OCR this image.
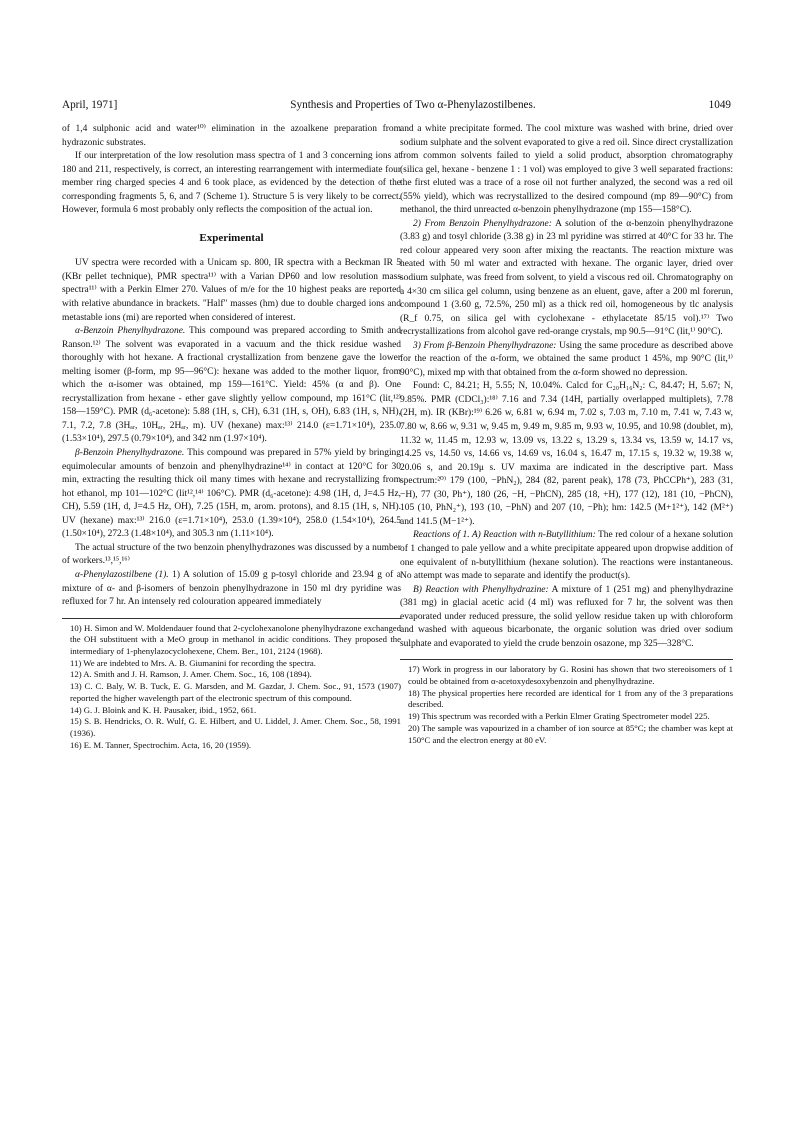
April, 1971]	Synthesis and Properties of Two α-Phenylazostilbenes.	1049

of 1,4 sulphonic acid and water¹⁰⁾ elimination in the azoalkene preparation from hydrazonic substrates.

If our interpretation of the low resolution mass spectra of 1 and 3 concerning ions at 180 and 211, respectively, is correct, an interesting rearrangement with intermediate four member ring charged species 4 and 6 took place, as evidenced by the detection of the corresponding fragments 5, 6, and 7 (Scheme 1). Structure 5 is very likely to be correct. However, formula 6 most probably only reflects the composition of the actual ion.

Experimental

UV spectra were recorded with a Unicam sp. 800, IR spectra with a Beckman IR 5 (KBr pellet technique), PMR spectra¹¹⁾ with a Varian DP60 and low resolution mass spectra¹¹⁾ with a Perkin Elmer 270. Values of m/e for the 10 highest peaks are reported with relative abundance in brackets. "Half" masses (hm) due to double charged ions and metastable ions (mi) are reported when considered of interest.

α-Benzoin Phenylhydrazone. This compound was prepared according to Smith and Ranson.¹²⁾ The solvent was evaporated in a vacuum and the thick residue washed thoroughly with hot hexane. A fractional crystallization from benzene gave the lower melting isomer (β-form, mp 95—96°C): hexane was added to the mother liquor, from which the α-isomer was obtained, mp 159—161°C. Yield: 45% (α and β). One recrystallization from hexane - ether gave slightly yellow compound, mp 161°C (lit,¹²⁾ 158—159°C). PMR (d₆-acetone): 5.88 (1H, s, CH), 6.31 (1H, s, OH), 6.83 (1H, s, NH), 7.1, 7.2, 7.8 (3Hₐᵣ, 10Hₐᵣ, 2Hₐᵣ, m). UV (hexane) max:¹³⁾ 214.0 (ε=1.71×10⁴), 235.0 (1.53×10⁴), 297.5 (0.79×10⁴), and 342 nm (1.97×10⁴).

β-Benzoin Phenylhydrazone. This compound was prepared in 57% yield by bringing equimolecular amounts of benzoin and phenylhydrazine¹⁴⁾ in contact at 120°C for 30 min, extracting the resulting thick oil many times with hexane and recrystallizing from hot ethanol, mp 101—102°C (lit¹²,¹⁴⁾ 106°C). PMR (d₆-acetone): 4.98 (1H, d, J=4.5 Hz, CH), 5.59 (1H, d, J=4.5 Hz, OH), 7.25 (15H, m, arom. protons), and 8.15 (1H, s, NH). UV (hexane) max:¹³⁾ 216.0 (ε=1.71×10⁴), 253.0 (1.39×10⁴), 258.0 (1.54×10⁴), 264.5 (1.50×10⁴), 272.3 (1.48×10⁴), and 305.3 nm (1.11×10⁴).

The actual structure of the two benzoin phenylhydrazones was discussed by a number of workers.¹³,¹⁵,¹⁶⁾

α-Phenylazostilbene (1). 1) A solution of 15.09 g p-tosyl chloride and 23.94 g of a mixture of α- and β-isomers of benzoin phenylhydrazone in 150 ml dry pyridine was refluxed for 7 hr. An intensely red colouration appeared immediately

10) H. Simon and W. Moldendauer found that 2-cyclohexanolone phenylhydrazone exchanged the OH substituent with a MeO group in methanol in acidic conditions. They proposed the intermediary of 1-phenylazocyclohexene, Chem. Ber., 101, 2124 (1968).

11) We are indebted to Mrs. A. B. Giumanini for recording the spectra.

12) A. Smith and J. H. Ramson, J. Amer. Chem. Soc., 16, 108 (1894).

13) C. C. Baly, W. B. Tuck, E. G. Marsden, and M. Gazdar, J. Chem. Soc., 91, 1573 (1907) reported the higher wavelength part of the electronic spectrum of this compound.

14) G. J. Bloink and K. H. Pausaker, ibid., 1952, 661.

15) S. B. Hendricks, O. R. Wulf, G. E. Hilbert, and U. Liddel, J. Amer. Chem. Soc., 58, 1991 (1936).

16) E. M. Tanner, Spectrochim. Acta, 16, 20 (1959).

and a white precipitate formed. The cool mixture was washed with brine, dried over sodium sulphate and the solvent evaporated to give a red oil. Since direct crystallization from common solvents failed to yield a solid product, absorption chromatography (silica gel, hexane - benzene 1 : 1 vol) was employed to give 3 well separated fractions: the first eluted was a trace of a rose oil not further analyzed, the second was a red oil (55% yield), which was recrystallized to the desired compound (mp 89—90°C) from methanol, the third unreacted α-benzoin phenylhydrazone (mp 155—158°C).

2) From Benzoin Phenylhydrazone: A solution of the α-benzoin phenylhydrazone (3.83 g) and tosyl chloride (3.38 g) in 23 ml pyridine was stirred at 40°C for 33 hr. The red colour appeared very soon after mixing the reactants. The reaction mixture was heated with 50 ml water and extracted with hexane. The organic layer, dried over sodium sulphate, was freed from solvent, to yield a viscous red oil. Chromatography on a 4×30 cm silica gel column, using benzene as an eluent, gave, after a 200 ml forerun, compound 1 (3.60 g, 72.5%, 250 ml) as a thick red oil, homogeneous by tlc analysis (R_f 0.75, on silica gel with cyclohexane - ethylacetate 85/15 vol).¹⁷⁾ Two recrystallizations from alcohol gave red-orange crystals, mp 90.5—91°C (lit,¹⁾ 90°C).

3) From β-Benzoin Phenylhydrazone: Using the same procedure as described above for the reaction of the α-form, we obtained the same product 1 45%, mp 90°C (lit,¹⁾ 90°C), mixed mp with that obtained from the α-form showed no depression.

Found: C, 84.21; H, 5.55; N, 10.04%. Calcd for C₂₀H₁₆N₂: C, 84.47; H, 5.67; N, 9.85%. PMR (CDCl₃):¹⁸⁾ 7.16 and 7.34 (14H, partially overlapped multiplets), 7.78 (2H, m). IR (KBr):¹⁹⁾ 6.26 w, 6.81 w, 6.94 m, 7.02 s, 7.03 m, 7.10 m, 7.41 w, 7.43 w, 7.80 w, 8.66 w, 9.31 w, 9.45 m, 9.49 m, 9.85 m, 9.93 w, 10.95, and 10.98 (doublet, m), 11.32 w, 11.45 m, 12.93 w, 13.09 vs, 13.22 s, 13.29 s, 13.34 vs, 13.59 w, 14.17 vs, 14.25 vs, 14.50 vs, 14.66 vs, 14.69 vs, 16.04 s, 16.47 m, 17.15 s, 19.32 w, 19.38 w, 20.06 s, and 20.19μ s. UV maxima are indicated in the descriptive part. Mass spectrum:²⁰⁾ 179 (100, −PhN₂), 284 (82, parent peak), 178 (73, PhCCPh⁺), 283 (31, −H), 77 (30, Ph⁺), 180 (26, −H, −PhCN), 285 (18, +H), 177 (12), 181 (10, −PhCN), 105 (10, PhN₂⁺), 193 (10, −PhN) and 207 (10, −Ph); hm: 142.5 (M+1²⁺), 142 (M²⁺) and 141.5 (M−1²⁺).

Reactions of 1. A) Reaction with n-Butyllithium: The red colour of a hexane solution of 1 changed to pale yellow and a white precipitate appeared upon dropwise addition of one equivalent of n-butyllithium (hexane solution). The reactions were instantaneous. No attempt was made to separate and identify the product(s).

B) Reaction with Phenylhydrazine: A mixture of 1 (251 mg) and phenylhydrazine (381 mg) in glacial acetic acid (4 ml) was refluxed for 7 hr, the solvent was then evaporated under reduced pressure, the solid yellow residue taken up with chloroform and washed with aqueous bicarbonate, the organic solution was dried over sodium sulphate and evaporated to yield the crude benzoin osazone, mp 325—328°C.

17) Work in progress in our laboratory by G. Rosini has shown that two stereoisomers of 1 could be obtained from α-acetoxydesoxybenzoin and phenylhydrazine.

18) The physical properties here recorded are identical for 1 from any of the 3 preparations described.

19) This spectrum was recorded with a Perkin Elmer Grating Spectrometer model 225.

20) The sample was vapourized in a chamber of ion source at 85°C; the chamber was kept at 150°C and the electron energy at 80 eV.
